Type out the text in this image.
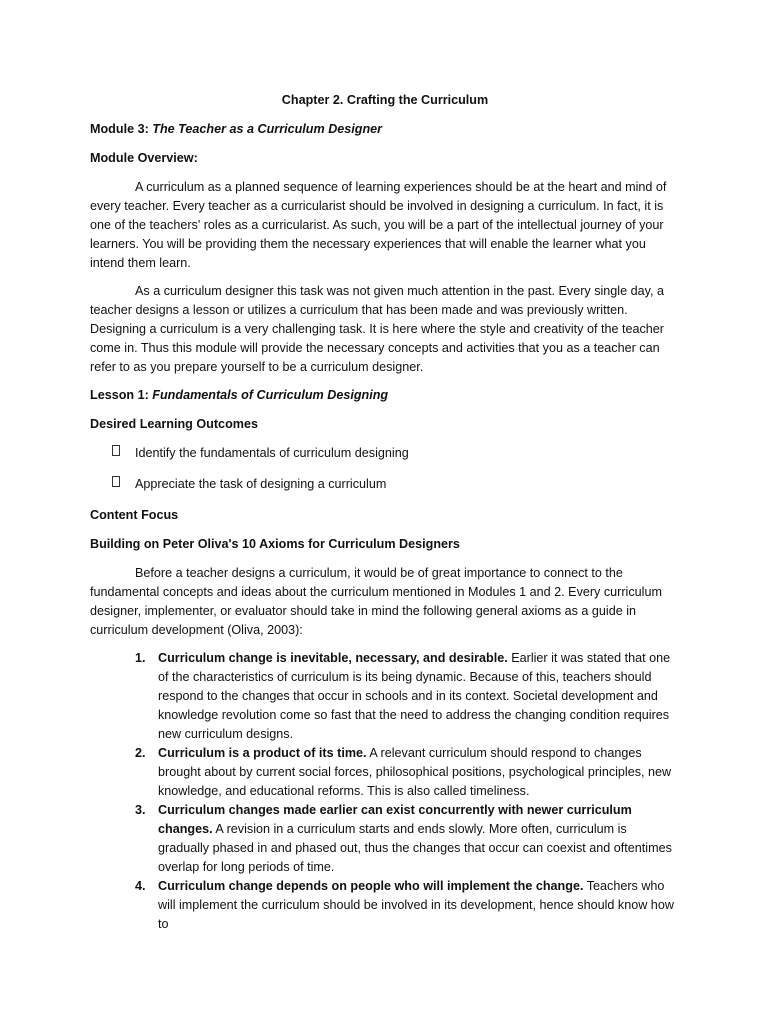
Chapter 2. Crafting the Curriculum
Module 3: The Teacher as a Curriculum Designer
Module Overview:

A curriculum as a planned sequence of learning experiences should be at the heart and mind of every teacher. Every teacher as a curricularist should be involved in designing a curriculum. In fact, it is one of the teachers' roles as a curricularist. As such, you will be a part of the intellectual journey of your learners. You will be providing them the necessary experiences that will enable the learner what you intend them learn.

As a curriculum designer this task was not given much attention in the past. Every single day, a teacher designs a lesson or utilizes a curriculum that has been made and was previously written. Designing a curriculum is a very challenging task. It is here where the style and creativity of the teacher come in. Thus this module will provide the necessary concepts and activities that you as a teacher can refer to as you prepare yourself to be a curriculum designer.

Lesson 1: Fundamentals of Curriculum Designing
Desired Learning Outcomes
Identify the fundamentals of curriculum designing
Appreciate the task of designing a curriculum
Content Focus
Building on Peter Oliva's 10 Axioms for Curriculum Designers

Before a teacher designs a curriculum, it would be of great importance to connect to the fundamental concepts and ideas about the curriculum mentioned in Modules 1 and 2. Every curriculum designer, implementer, or evaluator should take in mind the following general axioms as a guide in curriculum development (Oliva, 2003):

1. Curriculum change is inevitable, necessary, and desirable. Earlier it was stated that one of the characteristics of curriculum is its being dynamic. Because of this, teachers should respond to the changes that occur in schools and in its context. Societal development and knowledge revolution come so fast that the need to address the changing condition requires new curriculum designs.
2. Curriculum is a product of its time. A relevant curriculum should respond to changes brought about by current social forces, philosophical positions, psychological principles, new knowledge, and educational reforms. This is also called timeliness.
3. Curriculum changes made earlier can exist concurrently with newer curriculum changes. A revision in a curriculum starts and ends slowly. More often, curriculum is gradually phased in and phased out, thus the changes that occur can coexist and oftentimes overlap for long periods of time.
4. Curriculum change depends on people who will implement the change. Teachers who will implement the curriculum should be involved in its development, hence should know how to
